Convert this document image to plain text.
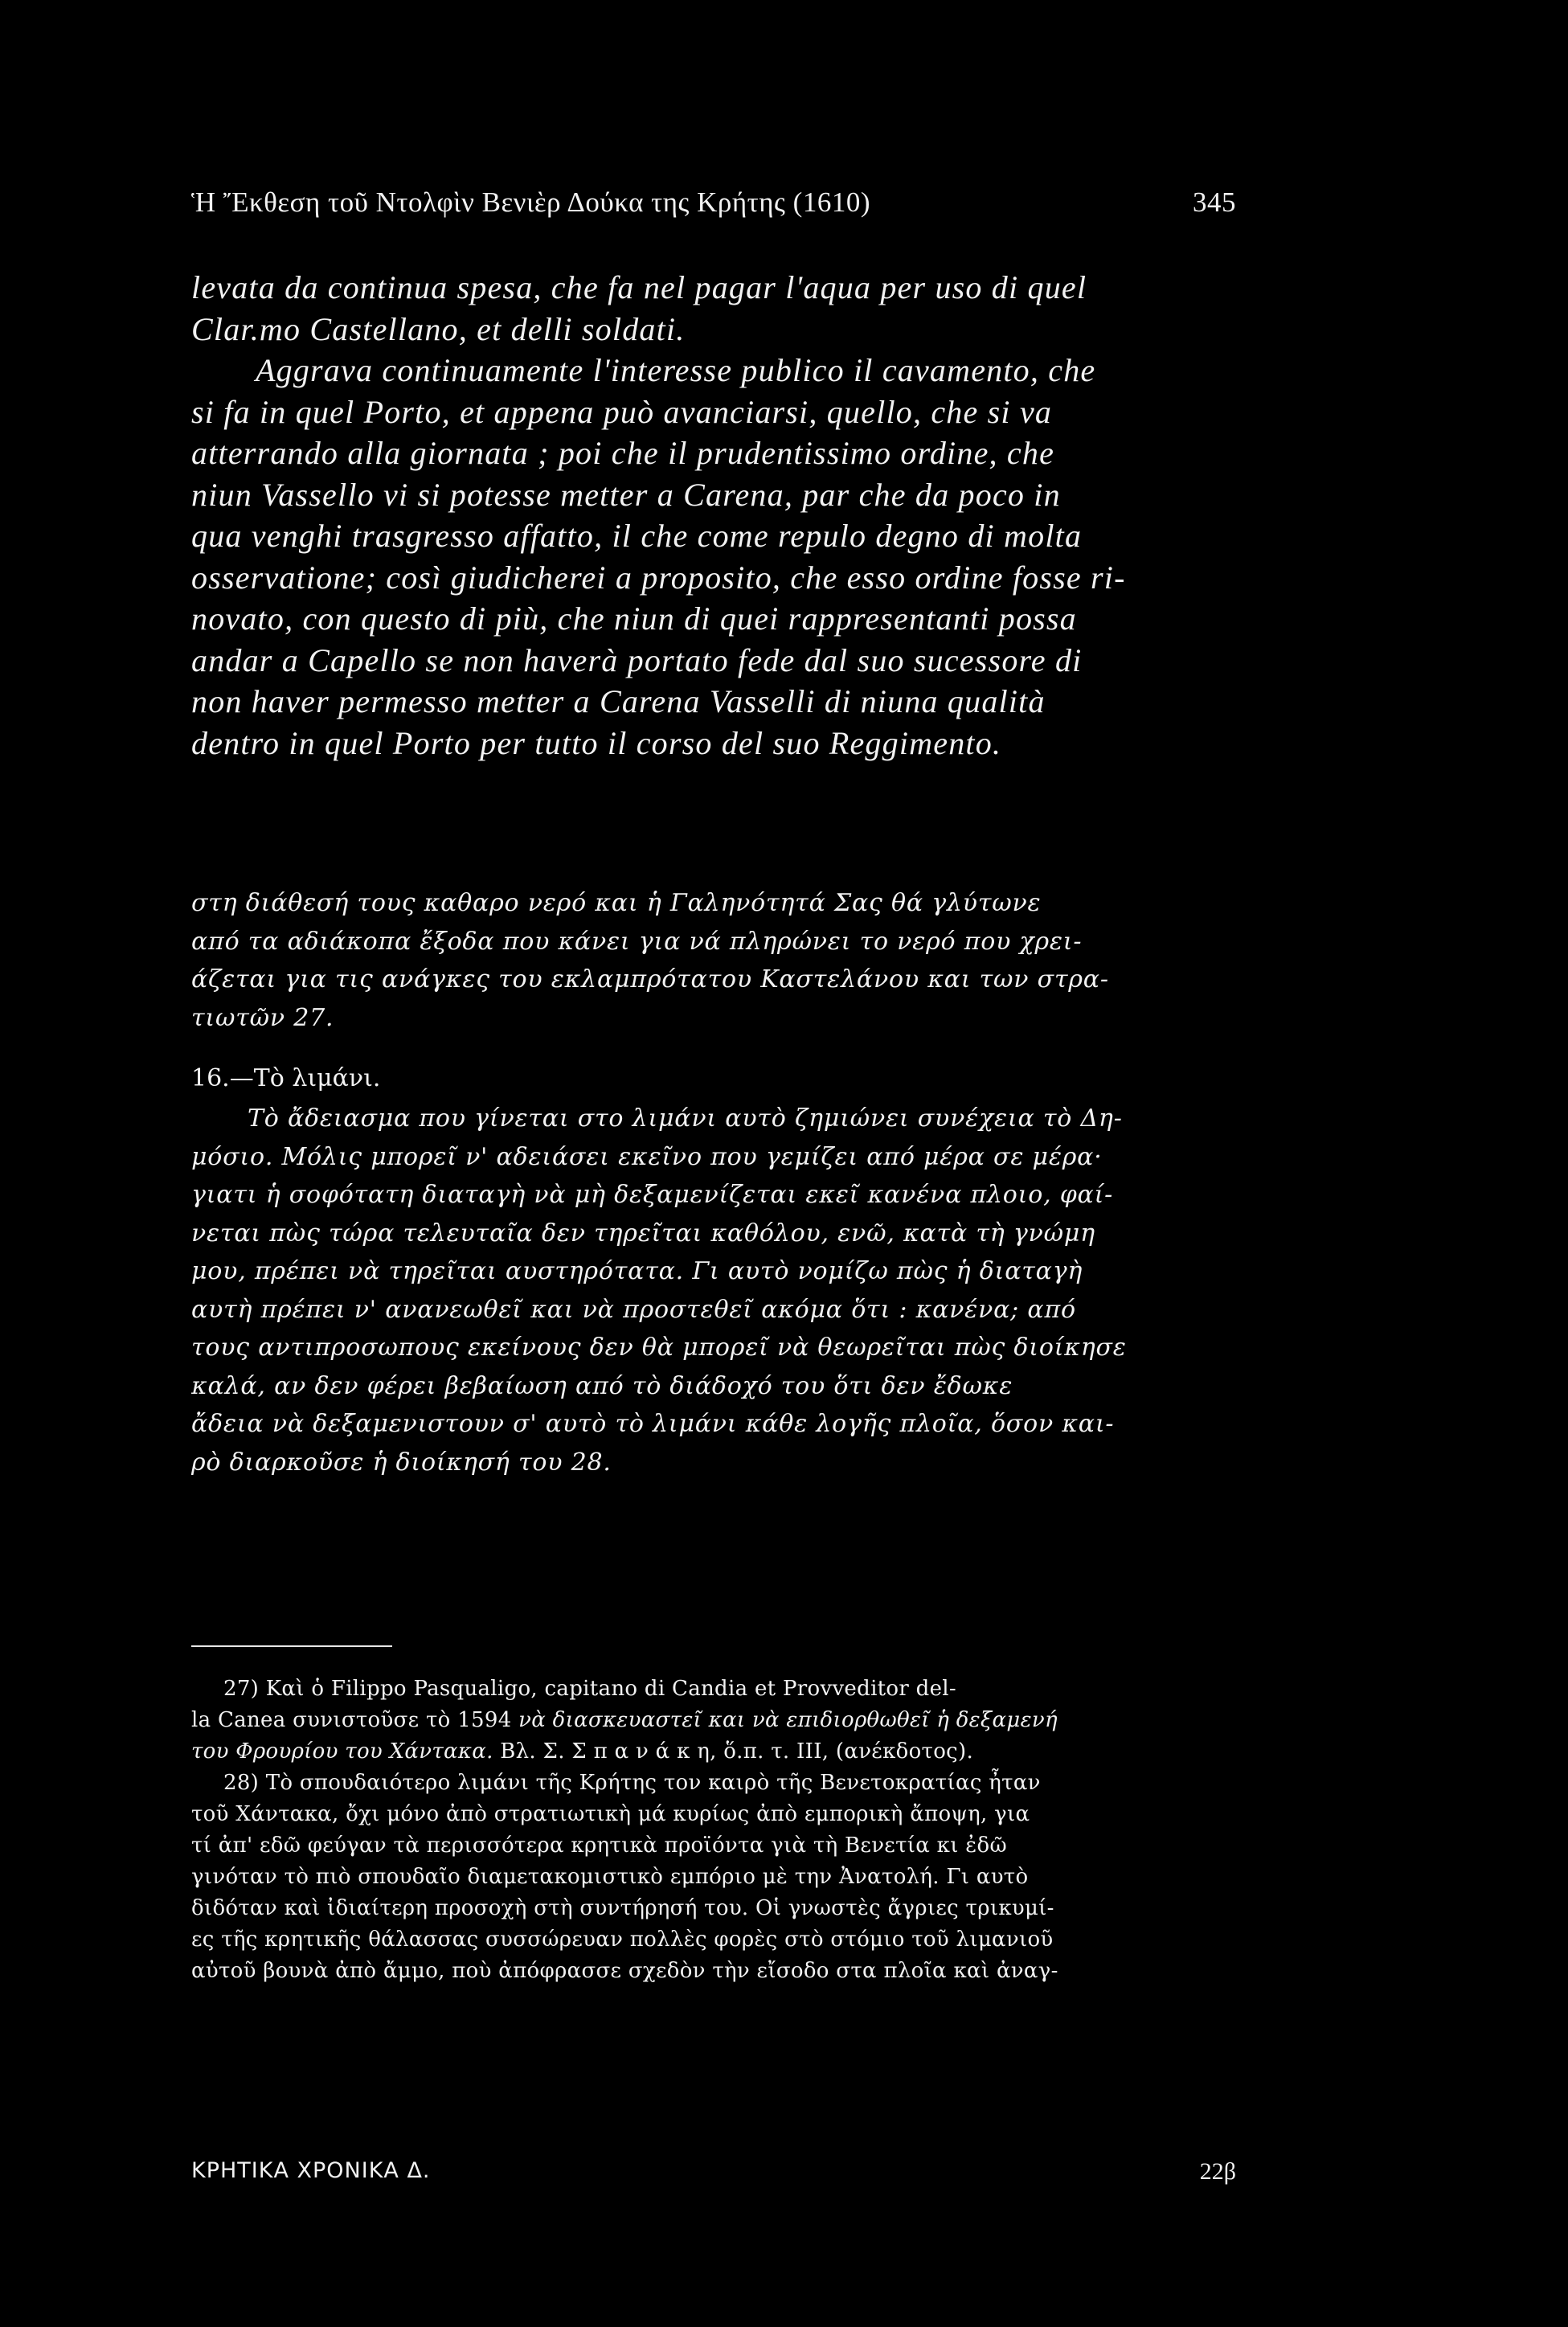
Ἡ Ἔκθεση τοῦ Ντολφὶν Βενιὲρ Δούκα της Κρήτης (1610)	345
levata da continua spesa, che fa nel pagar l'aqua per uso di quel
Clar.mo Castellano, et delli soldati.
Aggrava continuamente l'interesse publico il cavamento, che
si fa in quel Porto, et appena può avanciarsi, quello, che si va
atterrando alla giornata ; poi che il prudentissimo ordine, che
niun Vassello vi si potesse metter a Carena, par che da poco in
qua venghi trasgresso affatto, il che come repulo degno di molta
osservatione; così giudicherei a proposito, che esso ordine fosse ri-
novato, con questo di più, che niun di quei rappresentanti possa
andar a Capello se non haverà portato fede dal suo sucessore di
non haver permesso metter a Carena Vasselli di niuna qualità
dentro in quel Porto per tutto il corso del suo Reggimento.
στη διάθεσή τους καθαρο νερό και ἡ Γαληνότητά Σας θά γλύτωνε
από τα αδιάκοπα ἔξοδα που κάνει για νά πληρώνει το νερό που χρει-
άζεται για τις ανάγκες του εκλαμπρότατου Καστελάνου και των στρα-
τιωτῶν 27.
16.—Τὸ λιμάνι.
Τὸ ἄδειασμα που γίνεται στο λιμάνι αυτὸ ζημιώνει συνέχεια τὸ Δη-
μόσιο. Μόλις μπορεῖ ν' αδειάσει εκεῖνο που γεμίζει από μέρα σε μέρα·
γιατι ἡ σοφότατη διαταγὴ νὰ μὴ δεξαμενίζεται εκεῖ κανένα πλοιο, φαί-
νεται πὼς τώρα τελευταῖα δεν τηρεῖται καθόλου, ενῶ, κατὰ τὴ γνώμη
μου, πρέπει νὰ τηρεῖται αυστηρότατα. Γι αυτὸ νομίζω πὼς ἡ διαταγὴ
αυτὴ πρέπει ν' ανανεωθεῖ και νὰ προστεθεῖ ακόμα ὅτι : κανένα; από
τους αντιπροσωπους εκείνους δεν θὰ μπορεῖ νὰ θεωρεῖται πὼς διοίκησε
καλά, αν δεν φέρει βεβαίωση από τὸ διάδοχό του ὅτι δεν ἔδωκε
ἄδεια νὰ δεξαμενιστουν σ' αυτὸ τὸ λιμάνι κάθε λογῆς πλοῖα, ὅσον και-
ρὸ διαρκοῦσε ἡ διοίκησή του 28.
27) Καὶ ὁ Filippo Pasqualigo, capitano di Candia et Provveditor del-
la Canea συνιστοῦσε τὸ 1594 νὰ διασκευαστεῖ και νὰ επιδιορθωθεῖ ἡ δεξαμενή
του Φρουρίου του Χάντακα. Βλ. Σ. Σ π α ν ά κ η, ὅ.π. τ. III, (ανέκδοτος).
28) Τὸ σπουδαιότερο λιμάνι τῆς Κρήτης τον καιρὸ τῆς Βενετοκρατίας ἦταν
τοῦ Χάντακα, ὄχι μόνο ἀπὸ στρατιωτικὴ μά κυρίως ἀπὸ εμπορικὴ ἄποψη, για
τί ἀπ' εδῶ φεύγαν τὰ περισσότερα κρητικὰ προϊόντα γιὰ τὴ Βενετία κι ἐδῶ
γινόταν τὸ πιὸ σπουδαῖο διαμετακομιστικὸ εμπόριο μὲ την Ἀνατολή. Γι αυτὸ
διδόταν καὶ ἰδιαίτερη προσοχὴ στὴ συντήρησή του. Οἱ γνωστὲς ἄγριες τρικυμί-
ες τῆς κρητικῆς θάλασσας συσσώρευαν πολλὲς φορὲς στὸ στόμιο τοῦ λιμανιοῦ
αὐτοῦ βουνὰ ἀπὸ ἄμμο, ποὺ ἀπόφρασσε σχεδὸν τὴν εἴσοδο στα πλοῖα καὶ ἀναγ-
ΚΡΗΤΙΚΑ ΧΡΟΝΙΚΑ Δ.	22β
